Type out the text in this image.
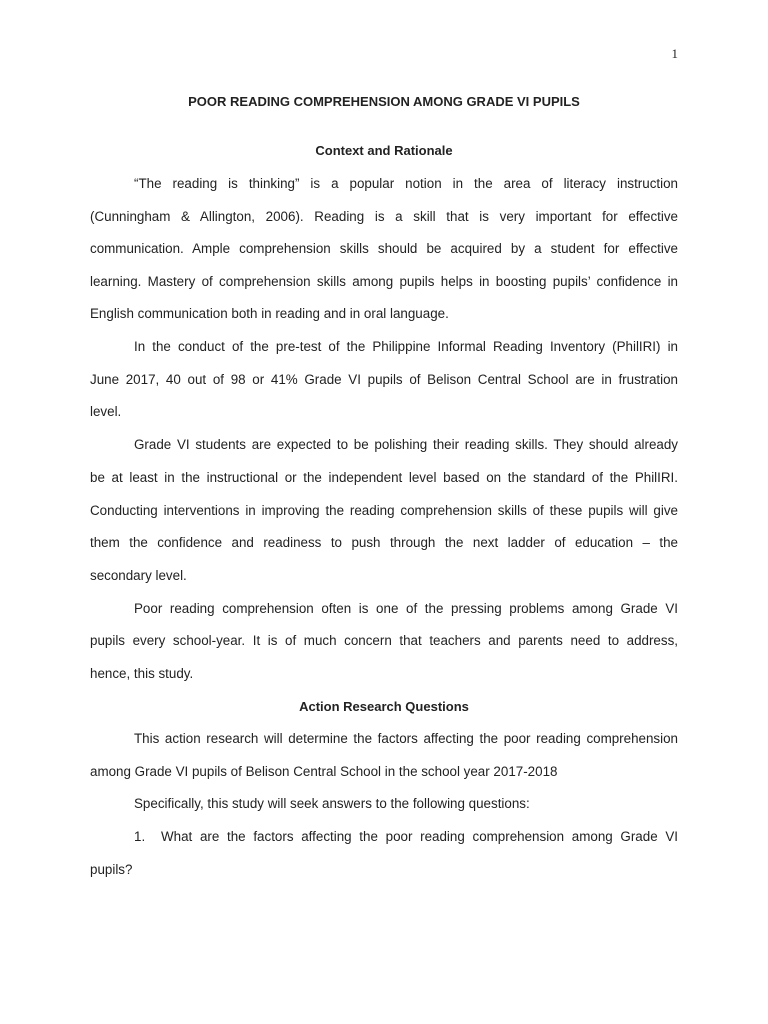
1
POOR READING COMPREHENSION AMONG GRADE VI PUPILS
Context and Rationale
“The reading is thinking” is a popular notion in the area of literacy instruction
(Cunningham & Allington, 2006). Reading is a skill that is very important for effective
communication. Ample comprehension skills should be acquired by a student for effective
learning. Mastery of comprehension skills among pupils helps in boosting pupils’ confidence in
English communication both in reading and in oral language.
In the conduct of the pre-test of the Philippine Informal Reading Inventory (PhilIRI) in
June 2017, 40 out of 98 or 41% Grade VI pupils of Belison Central School are in frustration
level.
Grade VI students are expected to be polishing their reading skills. They should already
be at least in the instructional or the independent level based on the standard of the PhilIRI.
Conducting interventions in improving the reading comprehension skills of these pupils will give
them the confidence and readiness to push through the next ladder of education – the
secondary level.
Poor reading comprehension often is one of the pressing problems among Grade VI
pupils every school-year. It is of much concern that teachers and parents need to address,
hence, this study.
Action Research Questions
This action research will determine the factors affecting the poor reading comprehension
among Grade VI pupils of Belison Central School in the school year 2017-2018
Specifically, this study will seek answers to the following questions:
1. What are the factors affecting the poor reading comprehension among Grade VI
pupils?
